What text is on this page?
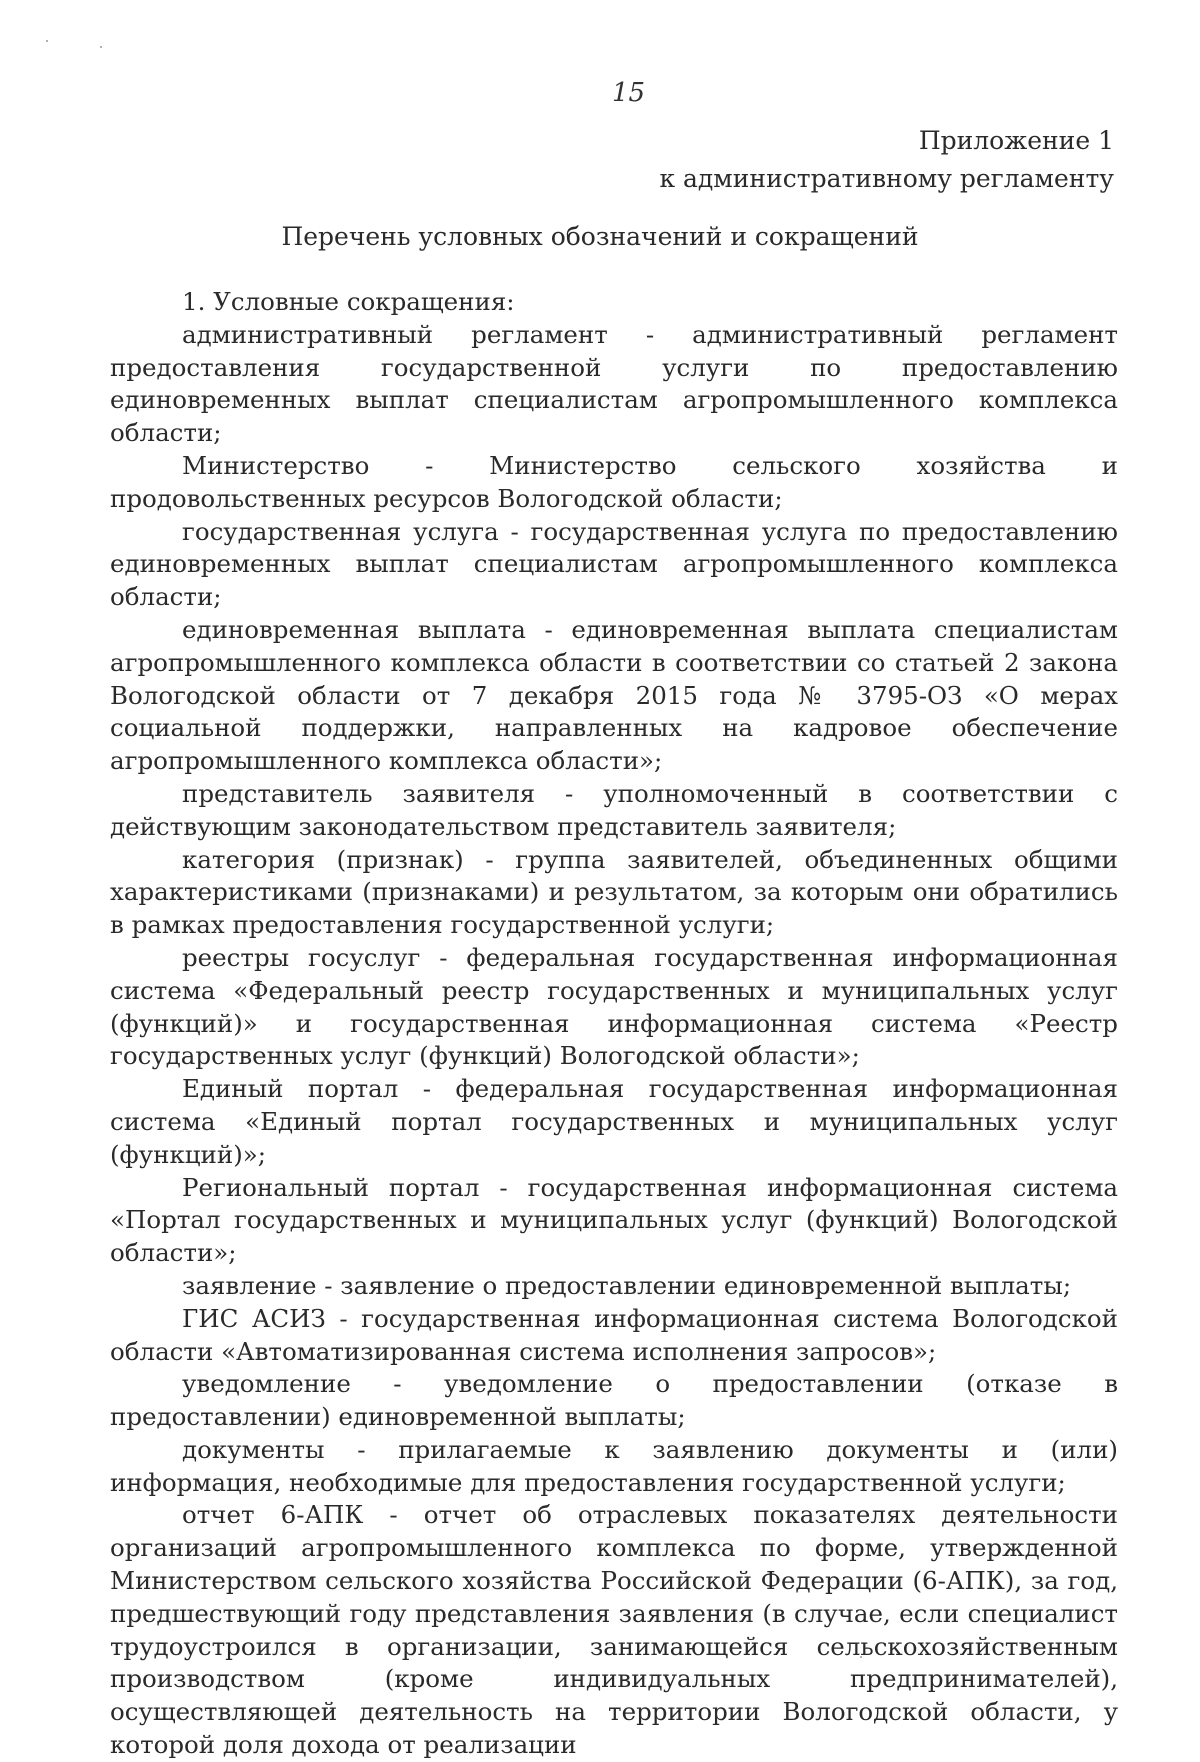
15
Приложение 1
к административному регламенту
Перечень условных обозначений и сокращений

1. Условные сокращения:

административный регламент - административный регламент предоставления государственной услуги по предоставлению единовременных выплат специалистам агропромышленного комплекса области;

Министерство - Министерство сельского хозяйства и продовольственных ресурсов Вологодской области;

государственная услуга - государственная услуга по предоставлению единовременных выплат специалистам агропромышленного комплекса области;

единовременная выплата - единовременная выплата специалистам агропромышленного комплекса области в соответствии со статьей 2 закона Вологодской области от 7 декабря 2015 года № 3795-ОЗ «О мерах социальной поддержки, направленных на кадровое обеспечение агропромышленного комплекса области»;

представитель заявителя - уполномоченный в соответствии с действующим законодательством представитель заявителя;

категория (признак) - группа заявителей, объединенных общими характеристиками (признаками) и результатом, за которым они обратились в рамках предоставления государственной услуги;

реестры госуслуг - федеральная государственная информационная система «Федеральный реестр государственных и муниципальных услуг (функций)» и государственная информационная система «Реестр государственных услуг (функций) Вологодской области»;

Единый портал - федеральная государственная информационная система «Единый портал государственных и муниципальных услуг (функций)»;

Региональный портал - государственная информационная система «Портал государственных и муниципальных услуг (функций) Вологодской области»;

заявление - заявление о предоставлении единовременной выплаты;

ГИС АСИЗ - государственная информационная система Вологодской области «Автоматизированная система исполнения запросов»;

уведомление - уведомление о предоставлении (отказе в предоставлении) единовременной выплаты;

документы - прилагаемые к заявлению документы и (или) информация, необходимые для предоставления государственной услуги;

отчет 6-АПК - отчет об отраслевых показателях деятельности организаций агропромышленного комплекса по форме, утвержденной Министерством сельского хозяйства Российской Федерации (6-АПК), за год, предшествующий году представления заявления (в случае, если специалист трудоустроился в организации, занимающейся сельскохозяйственным производством (кроме индивидуальных предпринимателей), осуществляющей деятельность на территории Вологодской области, у которой доля дохода от реализации
